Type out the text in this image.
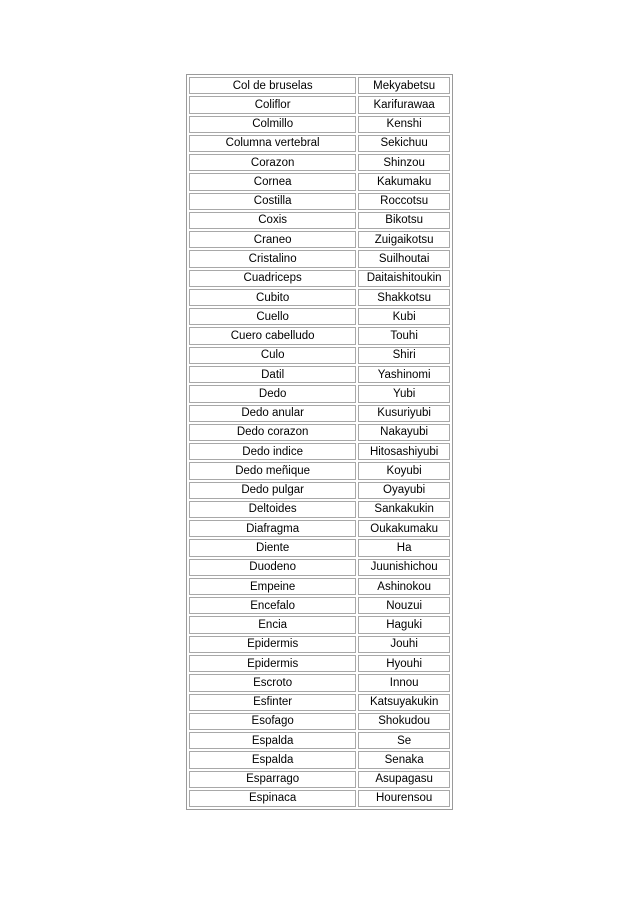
Col de bruselas	Mekyabetsu
Coliflor	Karifurawaa
Colmillo	Kenshi
Columna vertebral	Sekichuu
Corazon	Shinzou
Cornea	Kakumaku
Costilla	Roccotsu
Coxis	Bikotsu
Craneo	Zuigaikotsu
Cristalino	Suilhoutai
Cuadriceps	Daitaishitoukin
Cubito	Shakkotsu
Cuello	Kubi
Cuero cabelludo	Touhi
Culo	Shiri
Datil	Yashinomi
Dedo	Yubi
Dedo anular	Kusuriyubi
Dedo corazon	Nakayubi
Dedo indice	Hitosashiyubi
Dedo meñique	Koyubi
Dedo pulgar	Oyayubi
Deltoides	Sankakukin
Diafragma	Oukakumaku
Diente	Ha
Duodeno	Juunishichou
Empeine	Ashinokou
Encefalo	Nouzui
Encia	Haguki
Epidermis	Jouhi
Epidermis	Hyouhi
Escroto	Innou
Esfinter	Katsuyakukin
Esofago	Shokudou
Espalda	Se
Espalda	Senaka
Esparrago	Asupagasu
Espinaca	Hourensou
